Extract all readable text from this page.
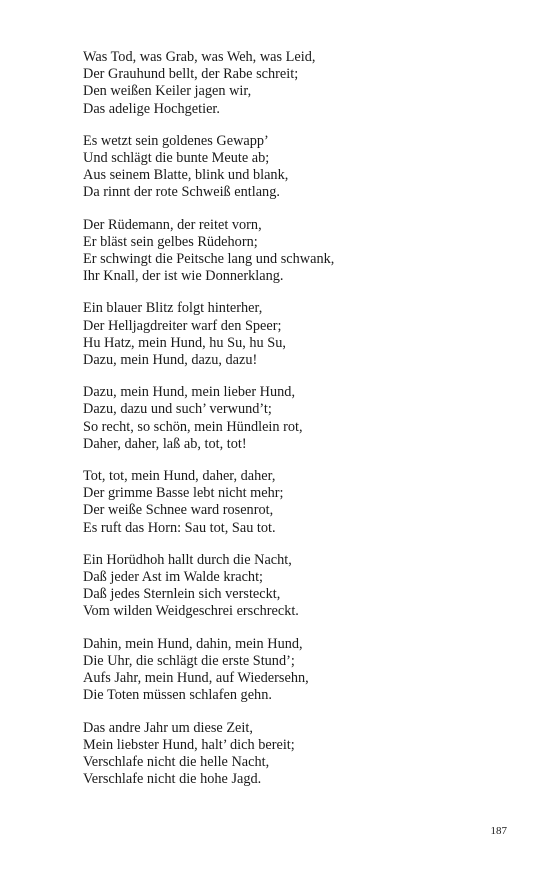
Was Tod, was Grab, was Weh, was Leid,
Der Grauhund bellt, der Rabe schreit;
Den weißen Keiler jagen wir,
Das adelige Hochgetier.
Es wetzt sein goldenes Gewapp’
Und schlägt die bunte Meute ab;
Aus seinem Blatte, blink und blank,
Da rinnt der rote Schweiß entlang.
Der Rüdemann, der reitet vorn,
Er bläst sein gelbes Rüdehorn;
Er schwingt die Peitsche lang und schwank,
Ihr Knall, der ist wie Donnerklang.
Ein blauer Blitz folgt hinterher,
Der Helljagdreiter warf den Speer;
Hu Hatz, mein Hund, hu Su, hu Su,
Dazu, mein Hund, dazu, dazu!
Dazu, mein Hund, mein lieber Hund,
Dazu, dazu und such’ verwund’t;
So recht, so schön, mein Hündlein rot,
Daher, daher, laß ab, tot, tot!
Tot, tot, mein Hund, daher, daher,
Der grimme Basse lebt nicht mehr;
Der weiße Schnee ward rosenrot,
Es ruft das Horn: Sau tot, Sau tot.
Ein Horüdhoh hallt durch die Nacht,
Daß jeder Ast im Walde kracht;
Daß jedes Sternlein sich versteckt,
Vom wilden Weidgeschrei erschreckt.
Dahin, mein Hund, dahin, mein Hund,
Die Uhr, die schlägt die erste Stund’;
Aufs Jahr, mein Hund, auf Wiedersehn,
Die Toten müssen schlafen gehn.
Das andre Jahr um diese Zeit,
Mein liebster Hund, halt’ dich bereit;
Verschlafe nicht die helle Nacht,
Verschlafe nicht die hohe Jagd.
187
